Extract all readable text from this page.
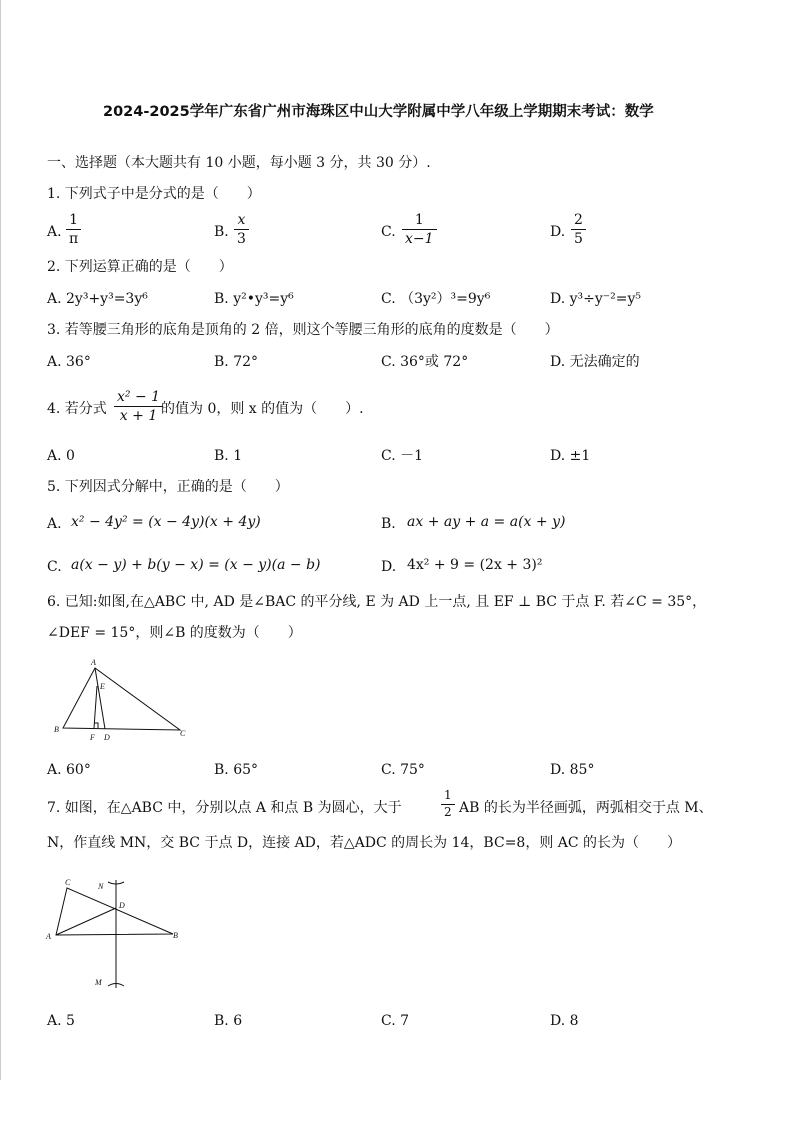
2024-2025学年广东省广州市海珠区中山大学附属中学八年级上学期期末考试：数学
一、选择题（本大题共有 10 小题，每小题 3 分，共 30 分）.
1. 下列式子中是分式的是（　　）
A.
1
π	B.
x
3	C.
1
x−1	D.
2
5
2. 下列运算正确的是（　　）
A. 2y³+y³=3y⁶	B. y²•y³=y⁶	C. （3y²）³=9y⁶	D. y³÷y⁻²=y⁵
3. 若等腰三角形的底角是顶角的 2 倍，则这个等腰三角形的底角的度数是（　　）
A. 36°	B. 72°	C. 36°或 72°	D. 无法确定的
4. 若分式
x² − 1
x + 1 的值为 0，则 x 的值为（　　）.
A. 0	B. 1	C. －1	D. ±1
5. 下列因式分解中，正确的是（　　）
A. x² − 4y² = (x − 4y)(x + 4y)	B. ax + ay + a = a(x + y)
C. a(x − y) + b(y − x) = (x − y)(a − b)	D. 4x² + 9 = (2x + 3)²
6. 已知:如图,在△ABC 中, AD 是∠BAC 的平分线, E 为 AD 上一点, 且 EF ⊥ BC 于点 F. 若∠C = 35°，
∠DEF = 15°，则∠B 的度数为（　　）
A
E
B
F D	C
A. 60°	B. 65°	C. 75°	D. 85°
7. 如图，在△ABC 中，分别以点 A 和点 B 为圆心，大于
1
2 AB 的长为半径画弧，两弧相交于点 M、
N，作直线 MN，交 BC 于点 D，连接 AD，若△ADC 的周长为 14，BC=8，则 AC 的长为（　　）
C	N
D
A	B
M
A. 5	B. 6	C. 7	D. 8
